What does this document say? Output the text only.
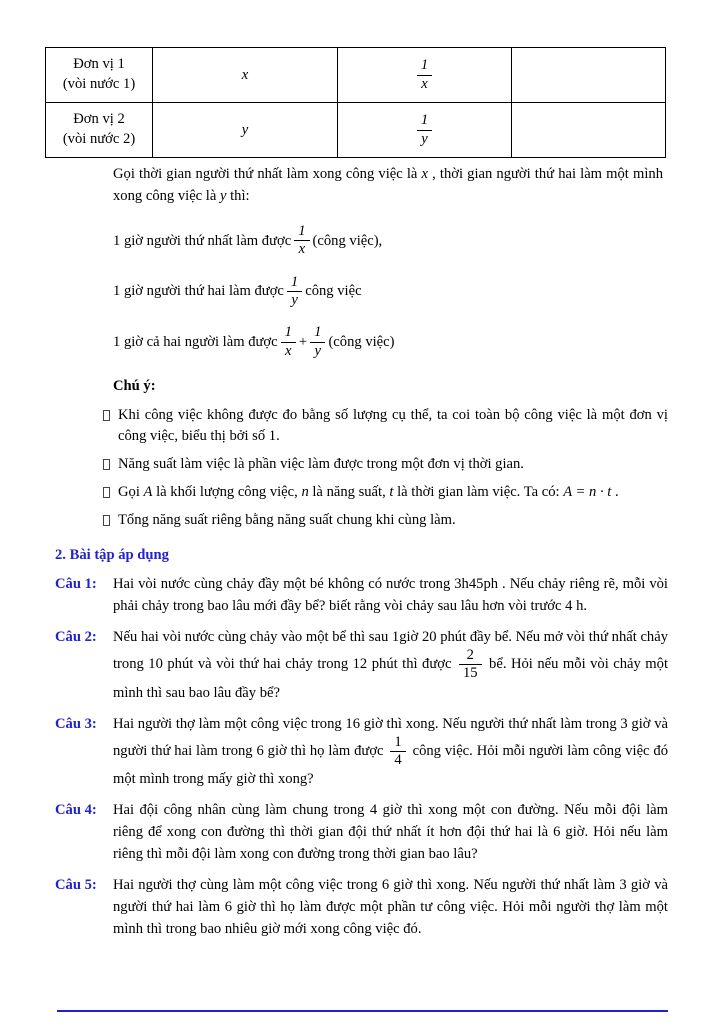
Đơn vị 1
(vòi nước 1)
	x	$\frac{1}{x}$

Đơn vị 2
(vòi nước 2)
	y	$\frac{1}{y}$

Gọi thời gian người thứ nhất làm xong công việc là x , thời gian người thứ hai làm một mình xong công việc là y thì:

1 giờ người thứ nhất làm được $\frac{1}{x}$ (công việc),
1 giờ người thứ hai làm được $\frac{1}{y}$ công việc
1 giờ cả hai người làm được $\frac{1}{x} + \frac{1}{y}$ (công việc)
Chú ý:
Khi công việc không được đo bằng số lượng cụ thể, ta coi toàn bộ công việc là một đơn vị công việc, biểu thị bởi số 1.
Năng suất làm việc là phần việc làm được trong một đơn vị thời gian.
Gọi A là khối lượng công việc, n là năng suất, t là thời gian làm việc. Ta có: A = n · t .
Tổng năng suất riêng bằng năng suất chung khi cùng làm.
2. Bài tập áp dụng
Câu 1:	Hai vòi nước cùng chảy đầy một bé không có nước trong 3h45ph . Nếu chảy riêng rẽ, mỗi vòi phải chảy trong bao lâu mới đầy bể? biết rằng vòi chảy sau lâu hơn vòi trước 4 h.
Câu 2:	Nếu hai vòi nước cùng chảy vào một bể thì sau 1giờ 20 phút đầy bể. Nếu mở vòi thứ nhất chảy trong 10 phút và vòi thứ hai chảy trong 12 phút thì được $\frac{2}{15}$ bể. Hỏi nếu mỗi vòi chảy một mình thì sau bao lâu đầy bể?
Câu 3:	Hai người thợ làm một công việc trong 16 giờ thì xong. Nếu người thứ nhất làm trong 3 giờ và người thứ hai làm trong 6 giờ thì họ làm được $\frac{1}{4}$ công việc. Hỏi mỗi người làm công việc đó một mình trong mấy giờ thì xong?
Câu 4:	Hai đội công nhân cùng làm chung trong 4 giờ thì xong một con đường. Nếu mỗi đội làm riêng để xong con đường thì thời gian đội thứ nhất ít hơn đội thứ hai là 6 giờ. Hỏi nếu làm riêng thì mỗi đội làm xong con đường trong thời gian bao lâu?
Câu 5:	Hai người thợ cùng làm một công việc trong 6 giờ thì xong. Nếu người thứ nhất làm 3 giờ và người thứ hai làm 6 giờ thì họ làm được một phần tư công việc. Hỏi mỗi người thợ làm một mình thì trong bao nhiêu giờ mới xong công việc đó.
